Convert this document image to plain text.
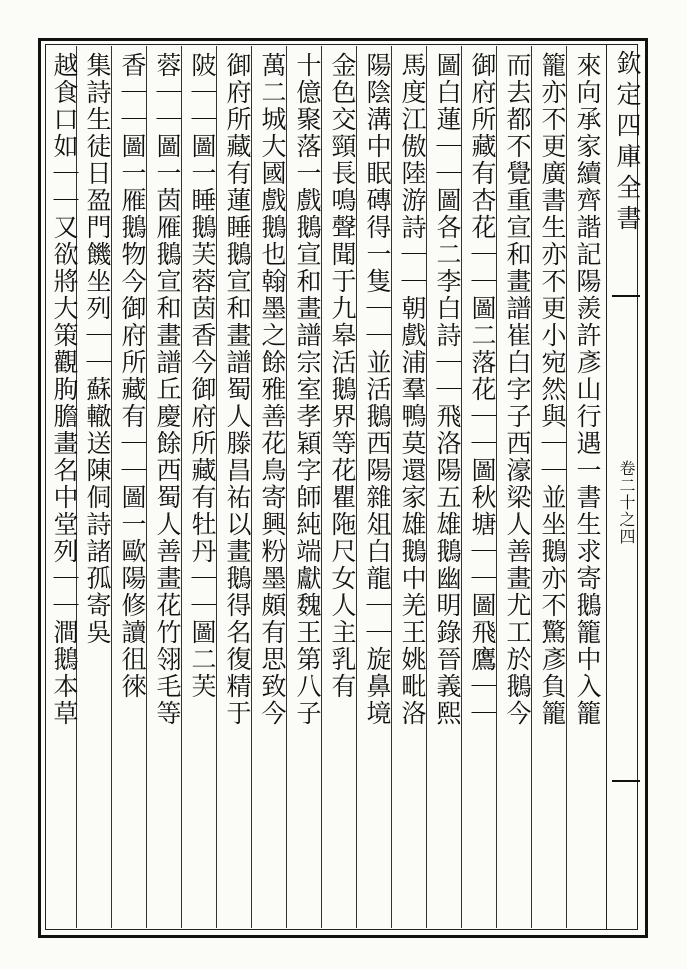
欽定四庫全書
卷二十之四
來向承家續齊諧記陽羨許彥山行遇一書生求寄鵝籠中入籠
籠亦不更廣書生亦不更小宛然與｜｜並坐鵝亦不驚彥負籠
而去都不覺重宣和畫譜崔白字子西濠梁人善畫尤工於鵝今
御府所藏有杏花｜｜圖二落花｜｜圖秋塘｜｜圖飛鷹｜｜
圖白蓮｜｜圖各二李白詩｜｜飛洛陽五雄鵝幽明錄晉義熙
馬度江傲陸游詩｜｜朝戲浦羣鴨莫還家雄鵝中羌王姚毗洛
陽陰溝中眠磚得一隻｜｜並活鵝西陽雜俎白龍｜｜旋鼻境
金色交頸長鳴聲聞于九皋活鵝界等花瞿陁尺女人主乳有
十億聚落一戲鵝宣和畫譜宗室孝穎字師純端獻魏王第八子
萬二城大國戲鵝也翰墨之餘雅善花鳥寄興粉墨頗有思致今
御府所藏有蓮睡鵝宣和畫譜蜀人滕昌祐以畫鵝得名復精于
陂｜｜圖一睡鵝芙蓉茵香今御府所藏有牡丹｜｜圖二芙
蓉｜｜圖一茵雁鵝宣和畫譜丘慶餘西蜀人善畫花竹翎毛等
香｜｜圖一雁鵝物今御府所藏有｜｜圖一歐陽修讀徂徠
集詩生徒日盈門饑坐列｜｜蘇轍送陳侗詩諸孤寄吳
越食口如｜｜又欲將大策觀朐膽畫名中堂列｜｜澗鵝本草
